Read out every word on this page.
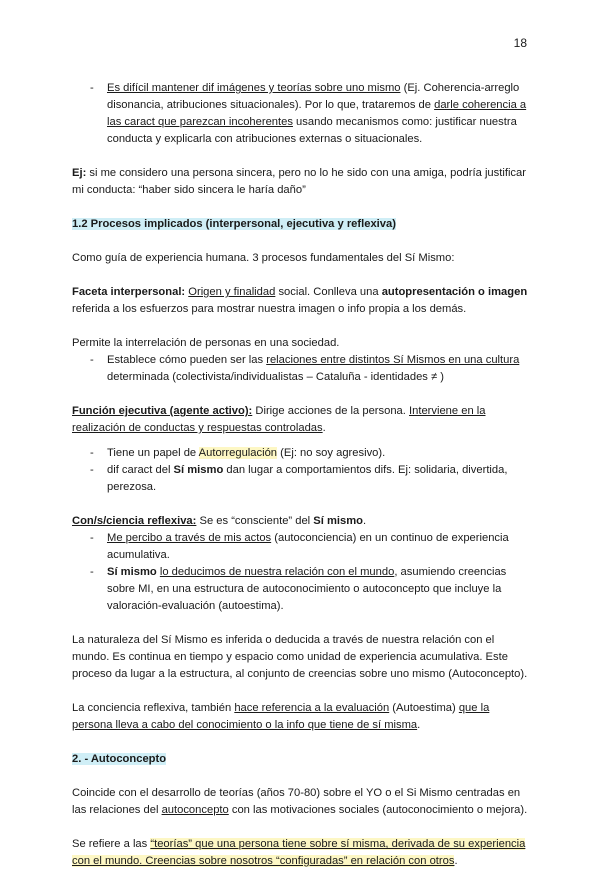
18
- Es difícil mantener dif imágenes y teorías sobre uno mismo (Ej. Coherencia-arreglo disonancia, atribuciones situacionales). Por lo que, trataremos de darle coherencia a las caract que parezcan incoherentes usando mecanismos como: justificar nuestra conducta y explicarla con atribuciones externas o situacionales.

Ej: si me considero una persona sincera, pero no lo he sido con una amiga, podría justificar mi conducta: “haber sido sincera le haría daño”

1.2 Procesos implicados (interpersonal, ejecutiva y reflexiva)

Como guía de experiencia humana. 3 procesos fundamentales del Sí Mismo:

Faceta interpersonal: Origen y finalidad social. Conlleva una autopresentación o imagen referida a los esfuerzos para mostrar nuestra imagen o info propia a los demás.

Permite la interrelación de personas en una sociedad.

- Establece cómo pueden ser las relaciones entre distintos Sí Mismos en una cultura determinada (colectivista/individualistas – Cataluña - identidades ≠ )

Función ejecutiva (agente activo): Dirige acciones de la persona. Interviene en la realización de conductas y respuestas controladas.

- Tiene un papel de Autorregulación (Ej: no soy agresivo).
- dif caract del Sí mismo dan lugar a comportamientos difs. Ej: solidaria, divertida, perezosa.

Con/s/ciencia reflexiva: Se es “consciente” del Sí mismo.

- Me percibo a través de mis actos (autoconciencia) en un continuo de experiencia acumulativa.
- Sí mismo lo deducimos de nuestra relación con el mundo, asumiendo creencias sobre MI, en una estructura de autoconocimiento o autoconcepto que incluye la valoración-evaluación (autoestima).

La naturaleza del Sí Mismo es inferida o deducida a través de nuestra relación con el mundo. Es continua en tiempo y espacio como unidad de experiencia acumulativa. Este proceso da lugar a la estructura, al conjunto de creencias sobre uno mismo (Autoconcepto).

La conciencia reflexiva, también hace referencia a la evaluación (Autoestima) que la persona lleva a cabo del conocimiento o la info que tiene de sí misma.

2. - Autoconcepto

Coincide con el desarrollo de teorías (años 70-80) sobre el YO o el Si Mismo centradas en las relaciones del autoconcepto con las motivaciones sociales (autoconocimiento o mejora).

Se refiere a las “teorías” que una persona tiene sobre sí misma, derivada de su experiencia con el mundo. Creencias sobre nosotros “configuradas” en relación con otros.
